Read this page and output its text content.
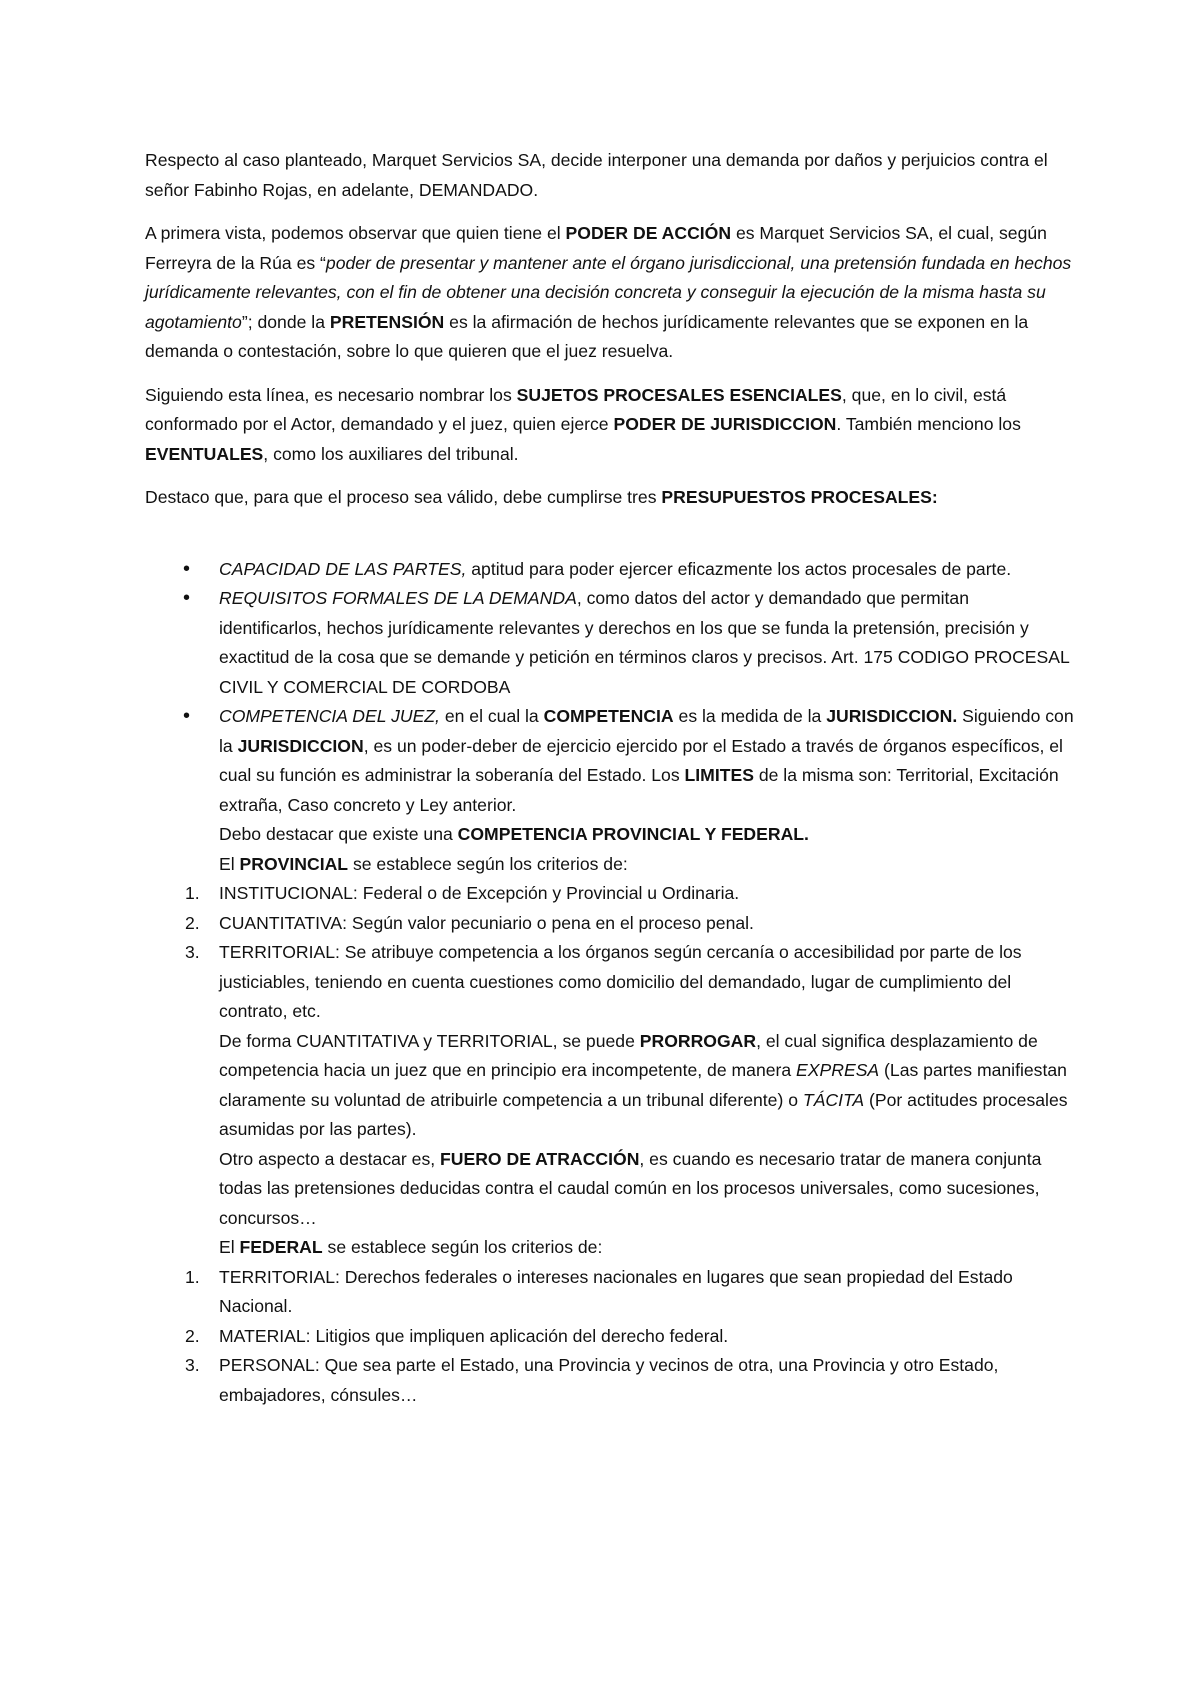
Respecto al caso planteado, Marquet Servicios SA, decide interponer una demanda por daños y perjuicios contra el señor Fabinho Rojas, en adelante, DEMANDADO.

A primera vista, podemos observar que quien tiene el PODER DE ACCIÓN es Marquet Servicios SA, el cual, según Ferreyra de la Rúa es “poder de presentar y mantener ante el órgano jurisdiccional, una pretensión fundada en hechos jurídicamente relevantes, con el fin de obtener una decisión concreta y conseguir la ejecución de la misma hasta su agotamiento”; donde la PRETENSIÓN es la afirmación de hechos jurídicamente relevantes que se exponen en la demanda o contestación, sobre lo que quieren que el juez resuelva.

Siguiendo esta línea, es necesario nombrar los SUJETOS PROCESALES ESENCIALES, que, en lo civil, está conformado por el Actor, demandado y el juez, quien ejerce PODER DE JURISDICCION. También menciono los EVENTUALES, como los auxiliares del tribunal.

Destaco que, para que el proceso sea válido, debe cumplirse tres PRESUPUESTOS PROCESALES:

• CAPACIDAD DE LAS PARTES, aptitud para poder ejercer eficazmente los actos procesales de parte.
• REQUISITOS FORMALES DE LA DEMANDA, como datos del actor y demandado que permitan identificarlos, hechos jurídicamente relevantes y derechos en los que se funda la pretensión, precisión y exactitud de la cosa que se demande y petición en términos claros y precisos. Art. 175 CODIGO PROCESAL CIVIL Y COMERCIAL DE CORDOBA
• COMPETENCIA DEL JUEZ, en el cual la COMPETENCIA es la medida de la JURISDICCION. Siguiendo con la JURISDICCION, es un poder-deber de ejercicio ejercido por el Estado a través de órganos específicos, el cual su función es administrar la soberanía del Estado. Los LIMITES de la misma son: Territorial, Excitación extraña, Caso concreto y Ley anterior.
Debo destacar que existe una COMPETENCIA PROVINCIAL Y FEDERAL.
El PROVINCIAL se establece según los criterios de:
1. INSTITUCIONAL: Federal o de Excepción y Provincial u Ordinaria.
2. CUANTITATIVA: Según valor pecuniario o pena en el proceso penal.
3. TERRITORIAL: Se atribuye competencia a los órganos según cercanía o accesibilidad por parte de los justiciables, teniendo en cuenta cuestiones como domicilio del demandado, lugar de cumplimiento del contrato, etc.
De forma CUANTITATIVA y TERRITORIAL, se puede PRORROGAR, el cual significa desplazamiento de competencia hacia un juez que en principio era incompetente, de manera EXPRESA (Las partes manifiestan claramente su voluntad de atribuirle competencia a un tribunal diferente) o TÁCITA (Por actitudes procesales asumidas por las partes).
Otro aspecto a destacar es, FUERO DE ATRACCIÓN, es cuando es necesario tratar de manera conjunta todas las pretensiones deducidas contra el caudal común en los procesos universales, como sucesiones, concursos…
El FEDERAL se establece según los criterios de:
1. TERRITORIAL: Derechos federales o intereses nacionales en lugares que sean propiedad del Estado Nacional.
2. MATERIAL: Litigios que impliquen aplicación del derecho federal.
3. PERSONAL: Que sea parte el Estado, una Provincia y vecinos de otra, una Provincia y otro Estado, embajadores, cónsules…
